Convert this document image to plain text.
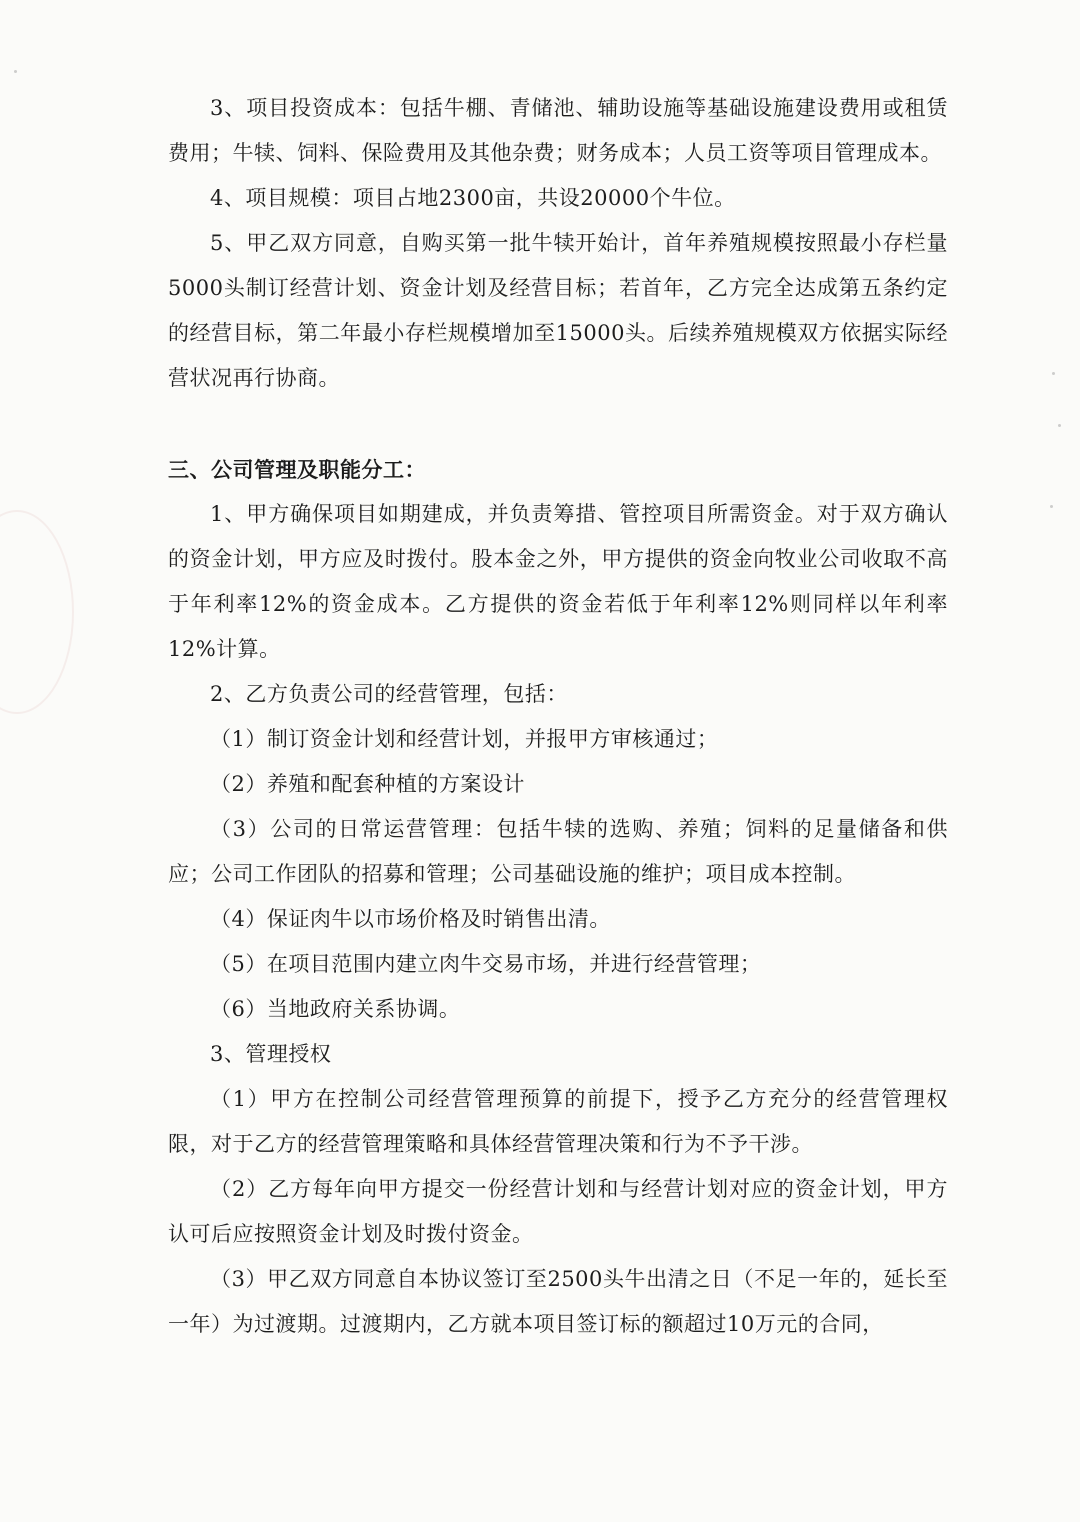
3、项目投资成本：包括牛棚、青储池、辅助设施等基础设施建设费用或租赁费用；牛犊、饲料、保险费用及其他杂费；财务成本；人员工资等项目管理成本。

4、项目规模：项目占地2300亩，共设20000个牛位。

5、甲乙双方同意，自购买第一批牛犊开始计，首年养殖规模按照最小存栏量5000头制订经营计划、资金计划及经营目标；若首年，乙方完全达成第五条约定的经营目标，第二年最小存栏规模增加至15000头。后续养殖规模双方依据实际经营状况再行协商。

三、公司管理及职能分工：

1、甲方确保项目如期建成，并负责筹措、管控项目所需资金。对于双方确认的资金计划，甲方应及时拨付。股本金之外，甲方提供的资金向牧业公司收取不高于年利率12%的资金成本。乙方提供的资金若低于年利率12%则同样以年利率12%计算。

2、乙方负责公司的经营管理，包括：

（1）制订资金计划和经营计划，并报甲方审核通过；

（2）养殖和配套种植的方案设计

（3）公司的日常运营管理：包括牛犊的选购、养殖；饲料的足量储备和供应；公司工作团队的招募和管理；公司基础设施的维护；项目成本控制。

（4）保证肉牛以市场价格及时销售出清。

（5）在项目范围内建立肉牛交易市场，并进行经营管理；

（6）当地政府关系协调。

3、管理授权

（1）甲方在控制公司经营管理预算的前提下，授予乙方充分的经营管理权限，对于乙方的经营管理策略和具体经营管理决策和行为不予干涉。

（2）乙方每年向甲方提交一份经营计划和与经营计划对应的资金计划，甲方认可后应按照资金计划及时拨付资金。

（3）甲乙双方同意自本协议签订至2500头牛出清之日（不足一年的，延长至一年）为过渡期。过渡期内，乙方就本项目签订标的额超过10万元的合同，
